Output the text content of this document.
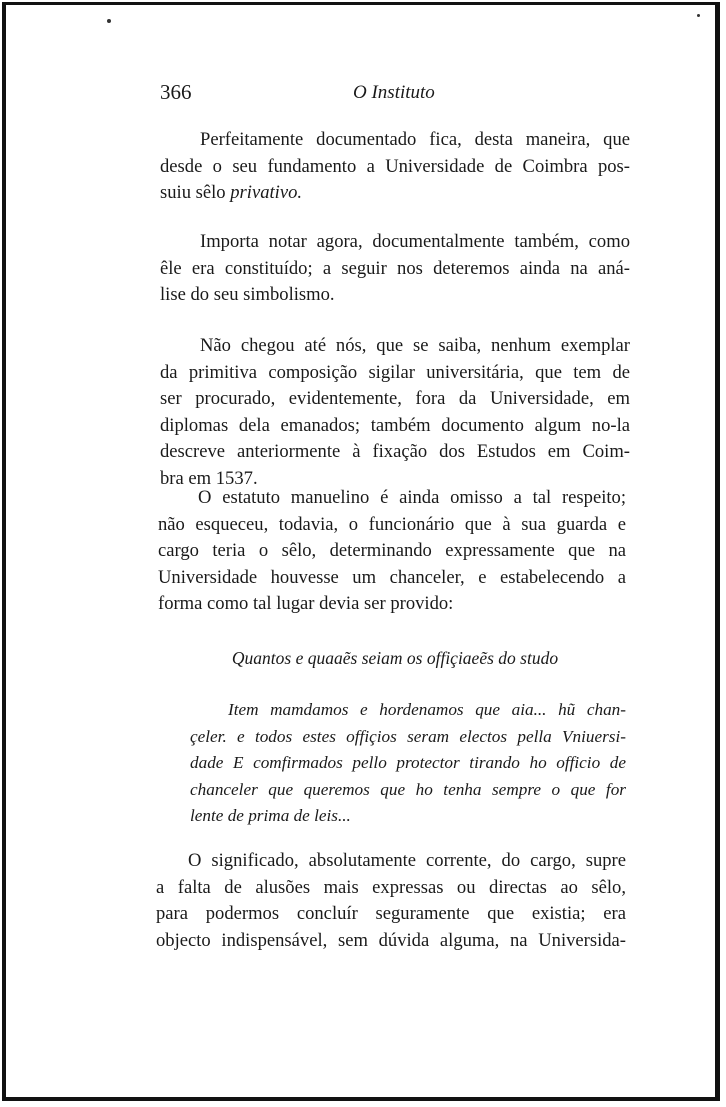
366	O Instituto
Perfeitamente documentado fica, desta maneira, que
desde o seu fundamento a Universidade de Coimbra pos-
suiu sêlo privativo.
Importa notar agora, documentalmente também, como
êle era constituído; a seguir nos deteremos ainda na aná-
lise do seu simbolismo.
Não chegou até nós, que se saiba, nenhum exemplar
da primitiva composição sigilar universitária, que tem de
ser procurado, evidentemente, fora da Universidade, em
diplomas dela emanados; também documento algum no-la
descreve anteriormente à fixação dos Estudos em Coim-
bra em 1537.
O estatuto manuelino é ainda omisso a tal respeito;
não esqueceu, todavia, o funcionário que à sua guarda e
cargo teria o sêlo, determinando expressamente que na
Universidade houvesse um chanceler, e estabelecendo a
forma como tal lugar devia ser provido:
Quantos e quaaẽs seiam os offiçiaeẽs do studo
Item mamdamos e hordenamos que aia... hũ chan-
çeler. e todos estes offiçios seram electos pella Vniuersi-
dade E comfirmados pello protector tirando ho officio de
chanceler que queremos que ho tenha sempre o que for
lente de prima de leis...
O significado, absolutamente corrente, do cargo, supre
a falta de alusões mais expressas ou directas ao sêlo,
para podermos concluír seguramente que existia; era
objecto indispensável, sem dúvida alguma, na Universida-
